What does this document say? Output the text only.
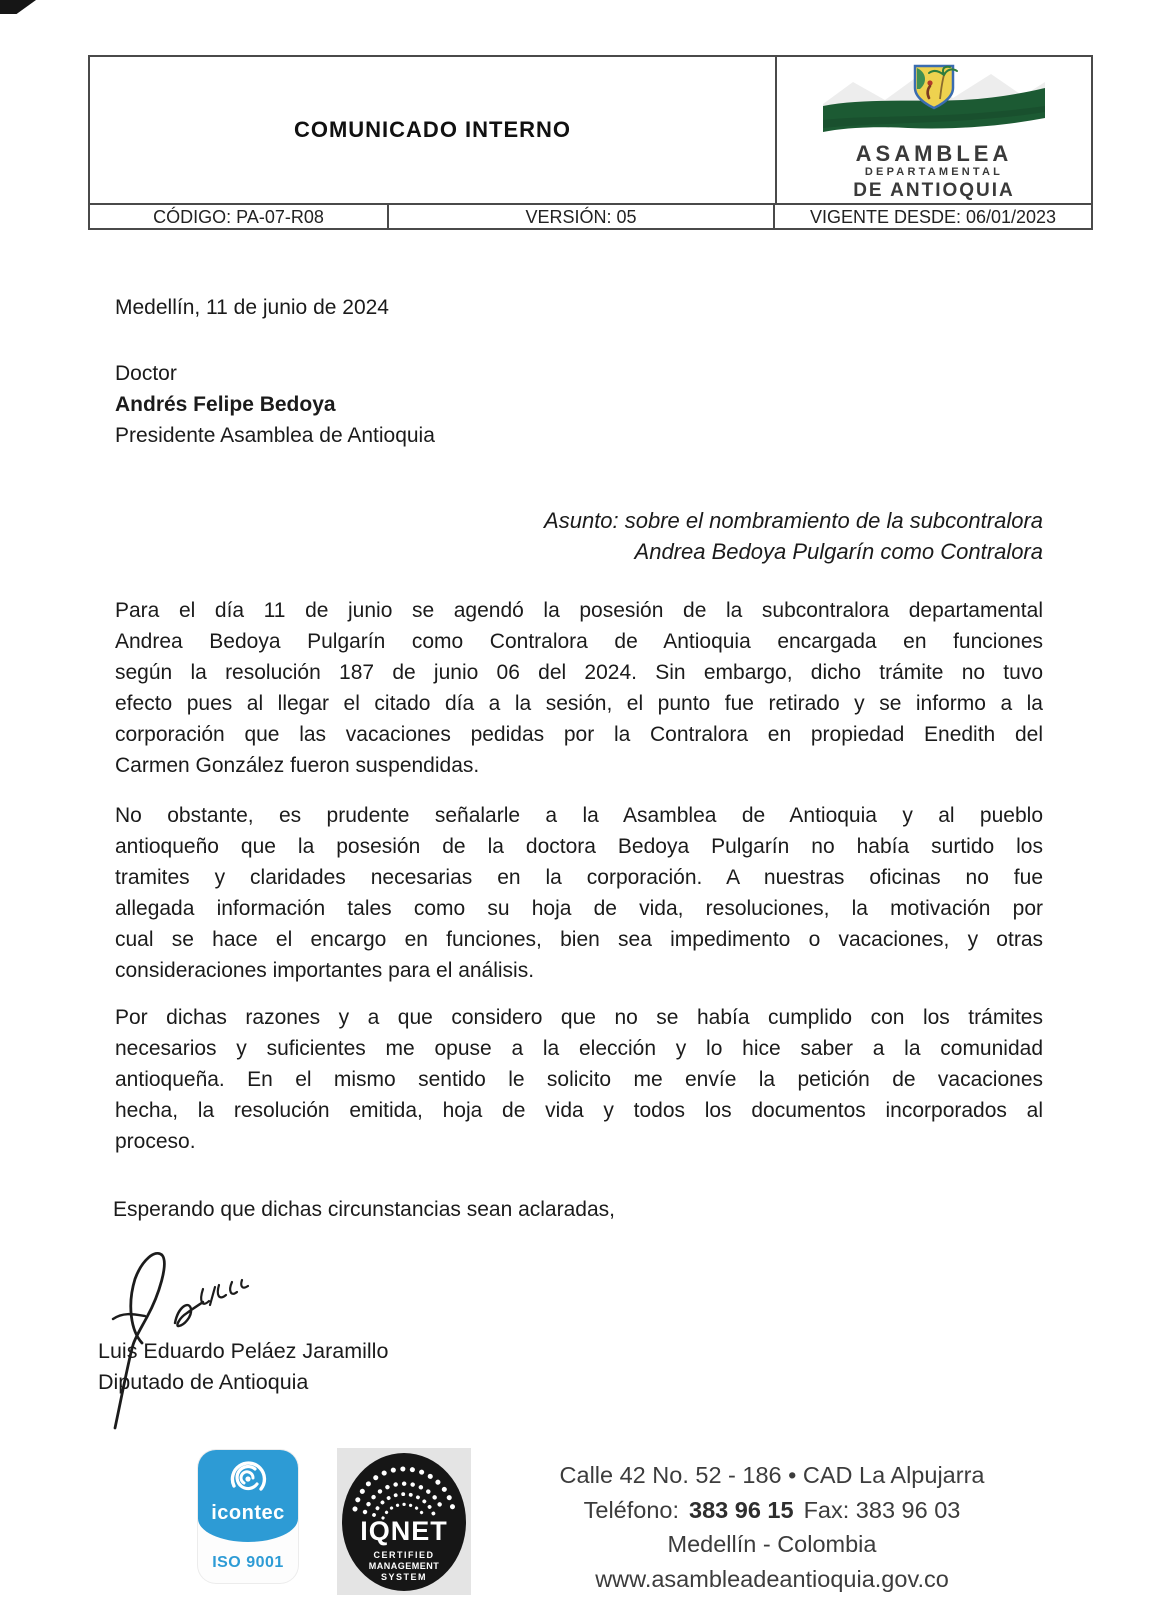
COMUNICADO INTERNO
ASAMBLEA
DEPARTAMENTAL
DE ANTIOQUIA
CÓDIGO: PA-07-R08	VERSIÓN: 05	VIGENTE DESDE: 06/01/2023
Medellín, 11 de junio de 2024
Doctor
Andrés Felipe Bedoya
Presidente Asamblea de Antioquia
Asunto: sobre el nombramiento de la subcontralora
Andrea Bedoya Pulgarín como Contralora
Para el día 11 de junio se agendó la posesión de la subcontralora departamental
Andrea Bedoya Pulgarín como Contralora de Antioquia encargada en funciones
según la resolución 187 de junio 06 del 2024. Sin embargo, dicho trámite no tuvo
efecto pues al llegar el citado día a la sesión, el punto fue retirado y se informo a la
corporación que las vacaciones pedidas por la Contralora en propiedad Enedith del
Carmen González fueron suspendidas.
No obstante, es prudente señalarle a la Asamblea de Antioquia y al pueblo
antioqueño que la posesión de la doctora Bedoya Pulgarín no había surtido los
tramites y claridades necesarias en la corporación. A nuestras oficinas no fue
allegada información tales como su hoja de vida, resoluciones, la motivación por
cual se hace el encargo en funciones, bien sea impedimento o vacaciones, y otras
consideraciones importantes para el análisis.
Por dichas razones y a que considero que no se había cumplido con los trámites
necesarios y suficientes me opuse a la elección y lo hice saber a la comunidad
antioqueña. En el mismo sentido le solicito me envíe la petición de vacaciones
hecha, la resolución emitida, hoja de vida y todos los documentos incorporados al
proceso.
Esperando que dichas circunstancias sean aclaradas,
Luis Eduardo Peláez Jaramillo
Diputado de Antioquia
icontec
ISO 9001
IQNET
CERTIFIED
MANAGEMENT
SYSTEM
Calle 42 No. 52 - 186 • CAD La Alpujarra
Teléfono: 383 96 15 Fax: 383 96 03
Medellín - Colombia
www.asambleadeantioquia.gov.co
